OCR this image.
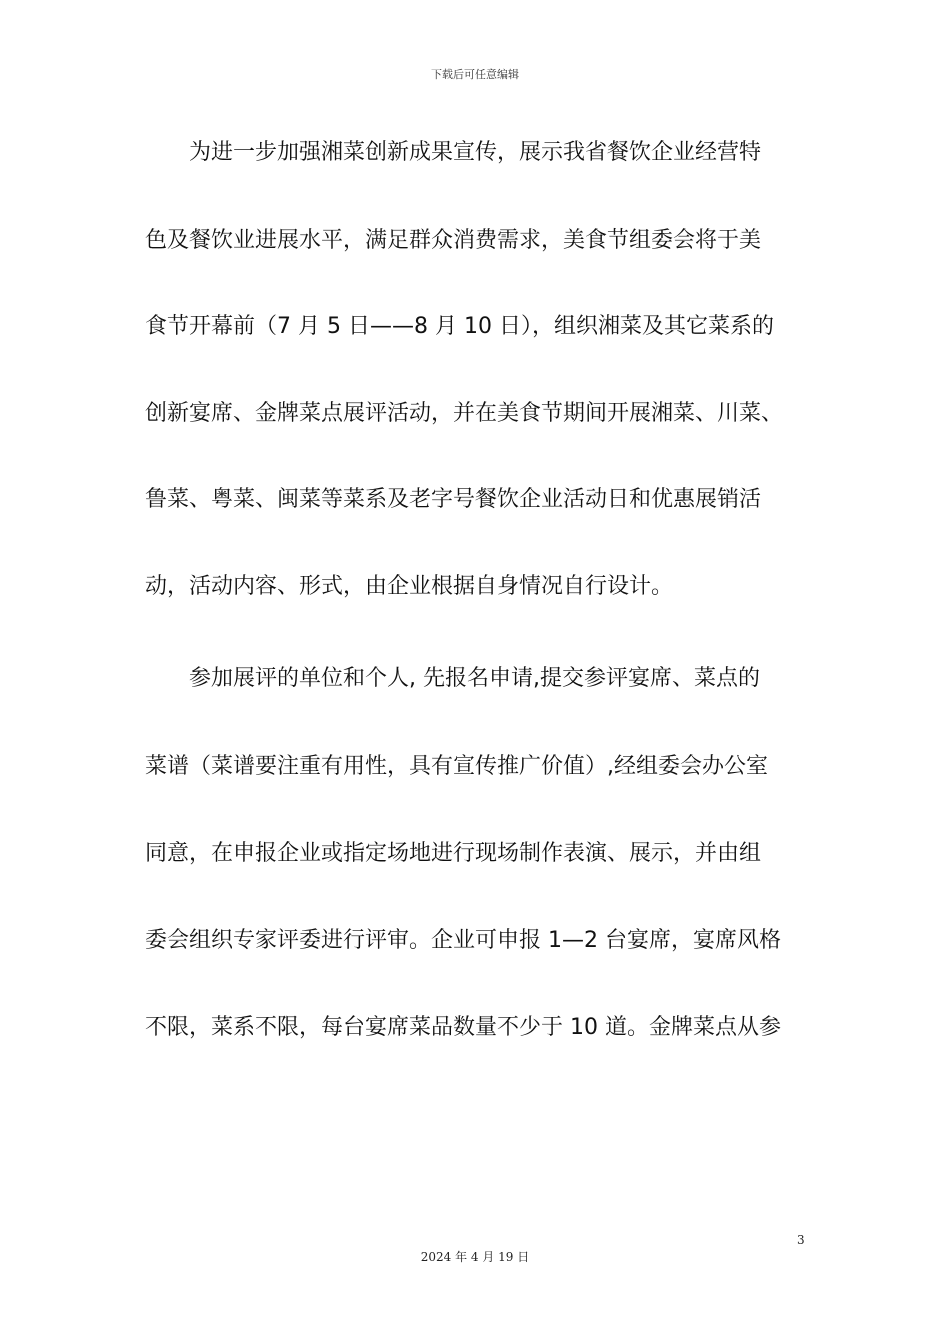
下载后可任意编辑
为进一步加强湘菜创新成果宣传，展示我省餐饮企业经营特
色及餐饮业进展水平，满足群众消费需求，美食节组委会将于美
食节开幕前（7 月 5 日——8 月 10 日），组织湘菜及其它菜系的
创新宴席、金牌菜点展评活动，并在美食节期间开展湘菜、川菜、
鲁菜、粤菜、闽菜等菜系及老字号餐饮企业活动日和优惠展销活
动，活动内容、形式，由企业根据自身情况自行设计。
参加展评的单位和个人, 先报名申请,提交参评宴席、菜点的
菜谱（菜谱要注重有用性，具有宣传推广价值）,经组委会办公室
同意，在申报企业或指定场地进行现场制作表演、展示，并由组
委会组织专家评委进行评审。企业可申报 1—2 台宴席，宴席风格
不限，菜系不限，每台宴席菜品数量不少于 10 道。金牌菜点从参
3
2024 年 4 月 19 日
